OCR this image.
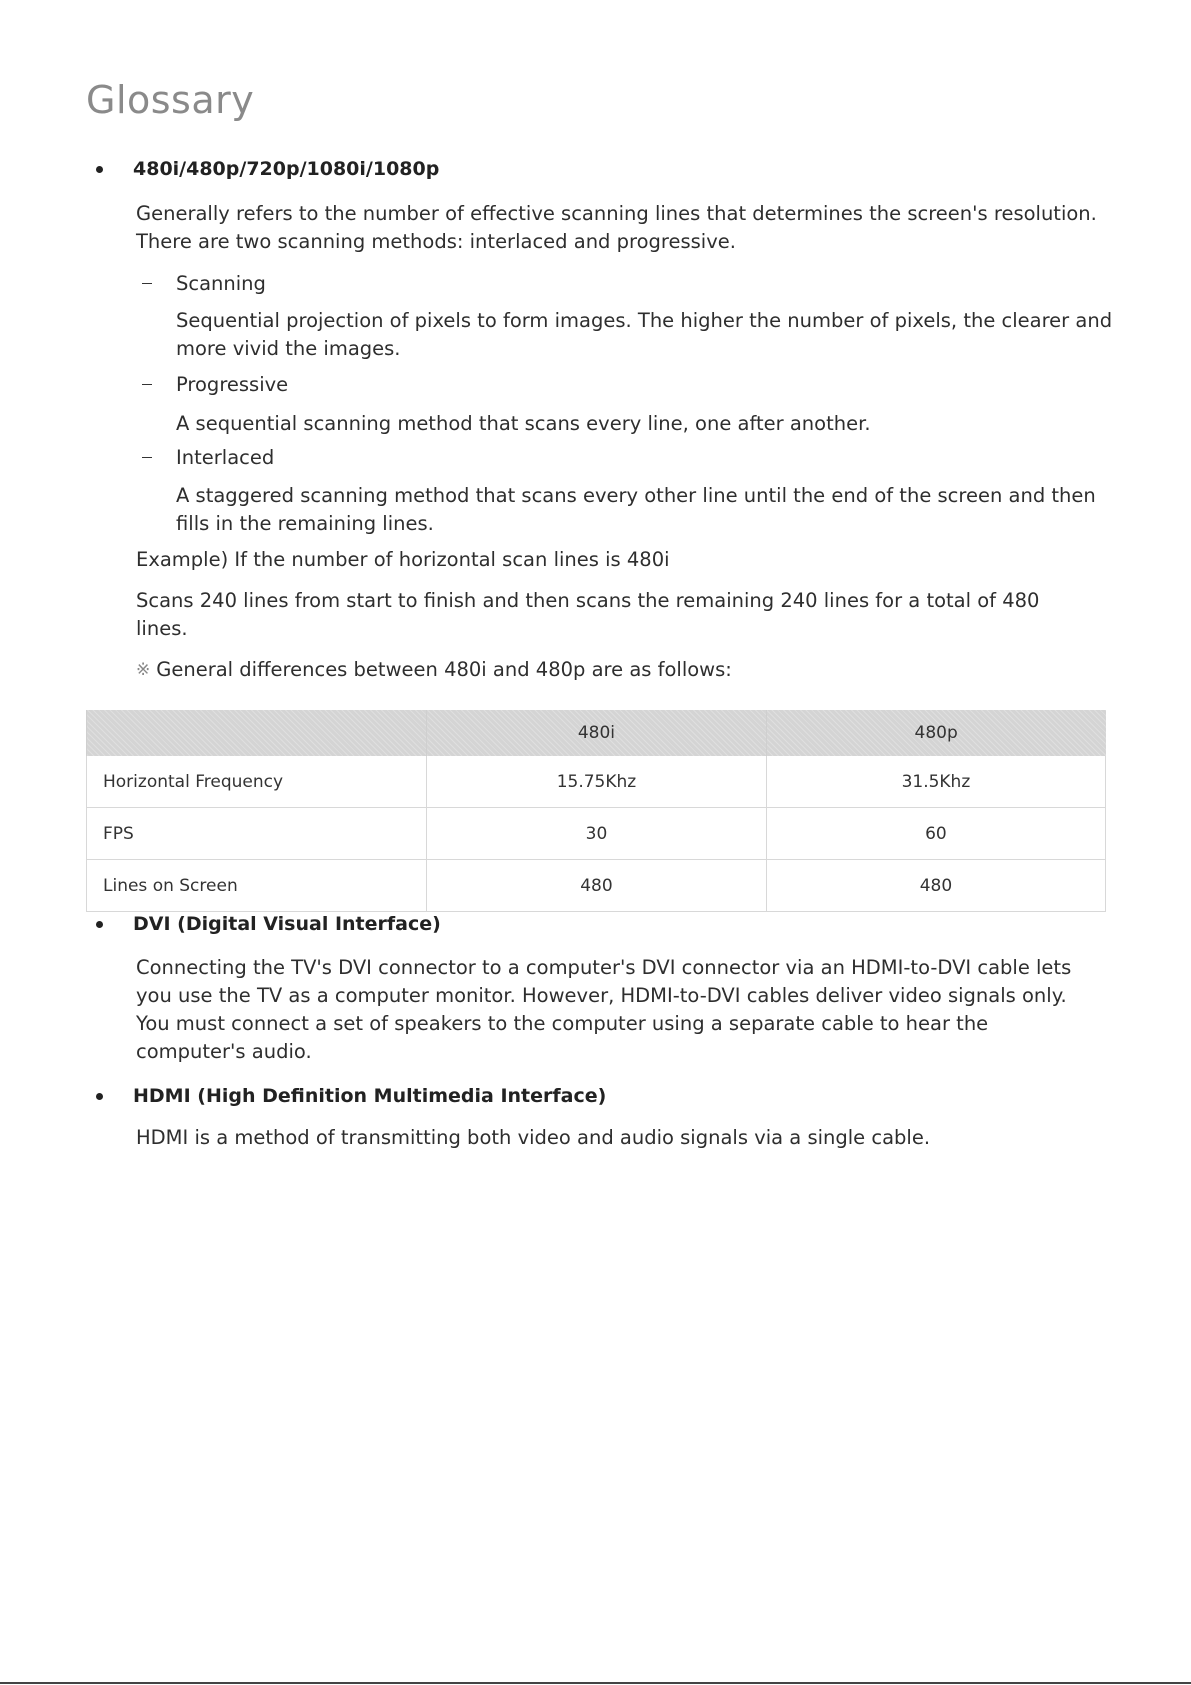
Glossary
480i/480p/720p/1080i/1080p
Generally refers to the number of effective scanning lines that determines the screen's resolution. There are two scanning methods: interlaced and progressive.
Scanning
Sequential projection of pixels to form images. The higher the number of pixels, the clearer and more vivid the images.
Progressive
A sequential scanning method that scans every line, one after another.
Interlaced
A staggered scanning method that scans every other line until the end of the screen and then fills in the remaining lines.
Example) If the number of horizontal scan lines is 480i
Scans 240 lines from start to finish and then scans the remaining 240 lines for a total of 480 lines.
※ General differences between 480i and 480p are as follows:
	480i	480p
Horizontal Frequency	15.75Khz	31.5Khz
FPS	30	60
Lines on Screen	480	480
DVI (Digital Visual Interface)
Connecting the TV's DVI connector to a computer's DVI connector via an HDMI-to-DVI cable lets you use the TV as a computer monitor. However, HDMI-to-DVI cables deliver video signals only. You must connect a set of speakers to the computer using a separate cable to hear the computer's audio.
HDMI (High Definition Multimedia Interface)
HDMI is a method of transmitting both video and audio signals via a single cable.
